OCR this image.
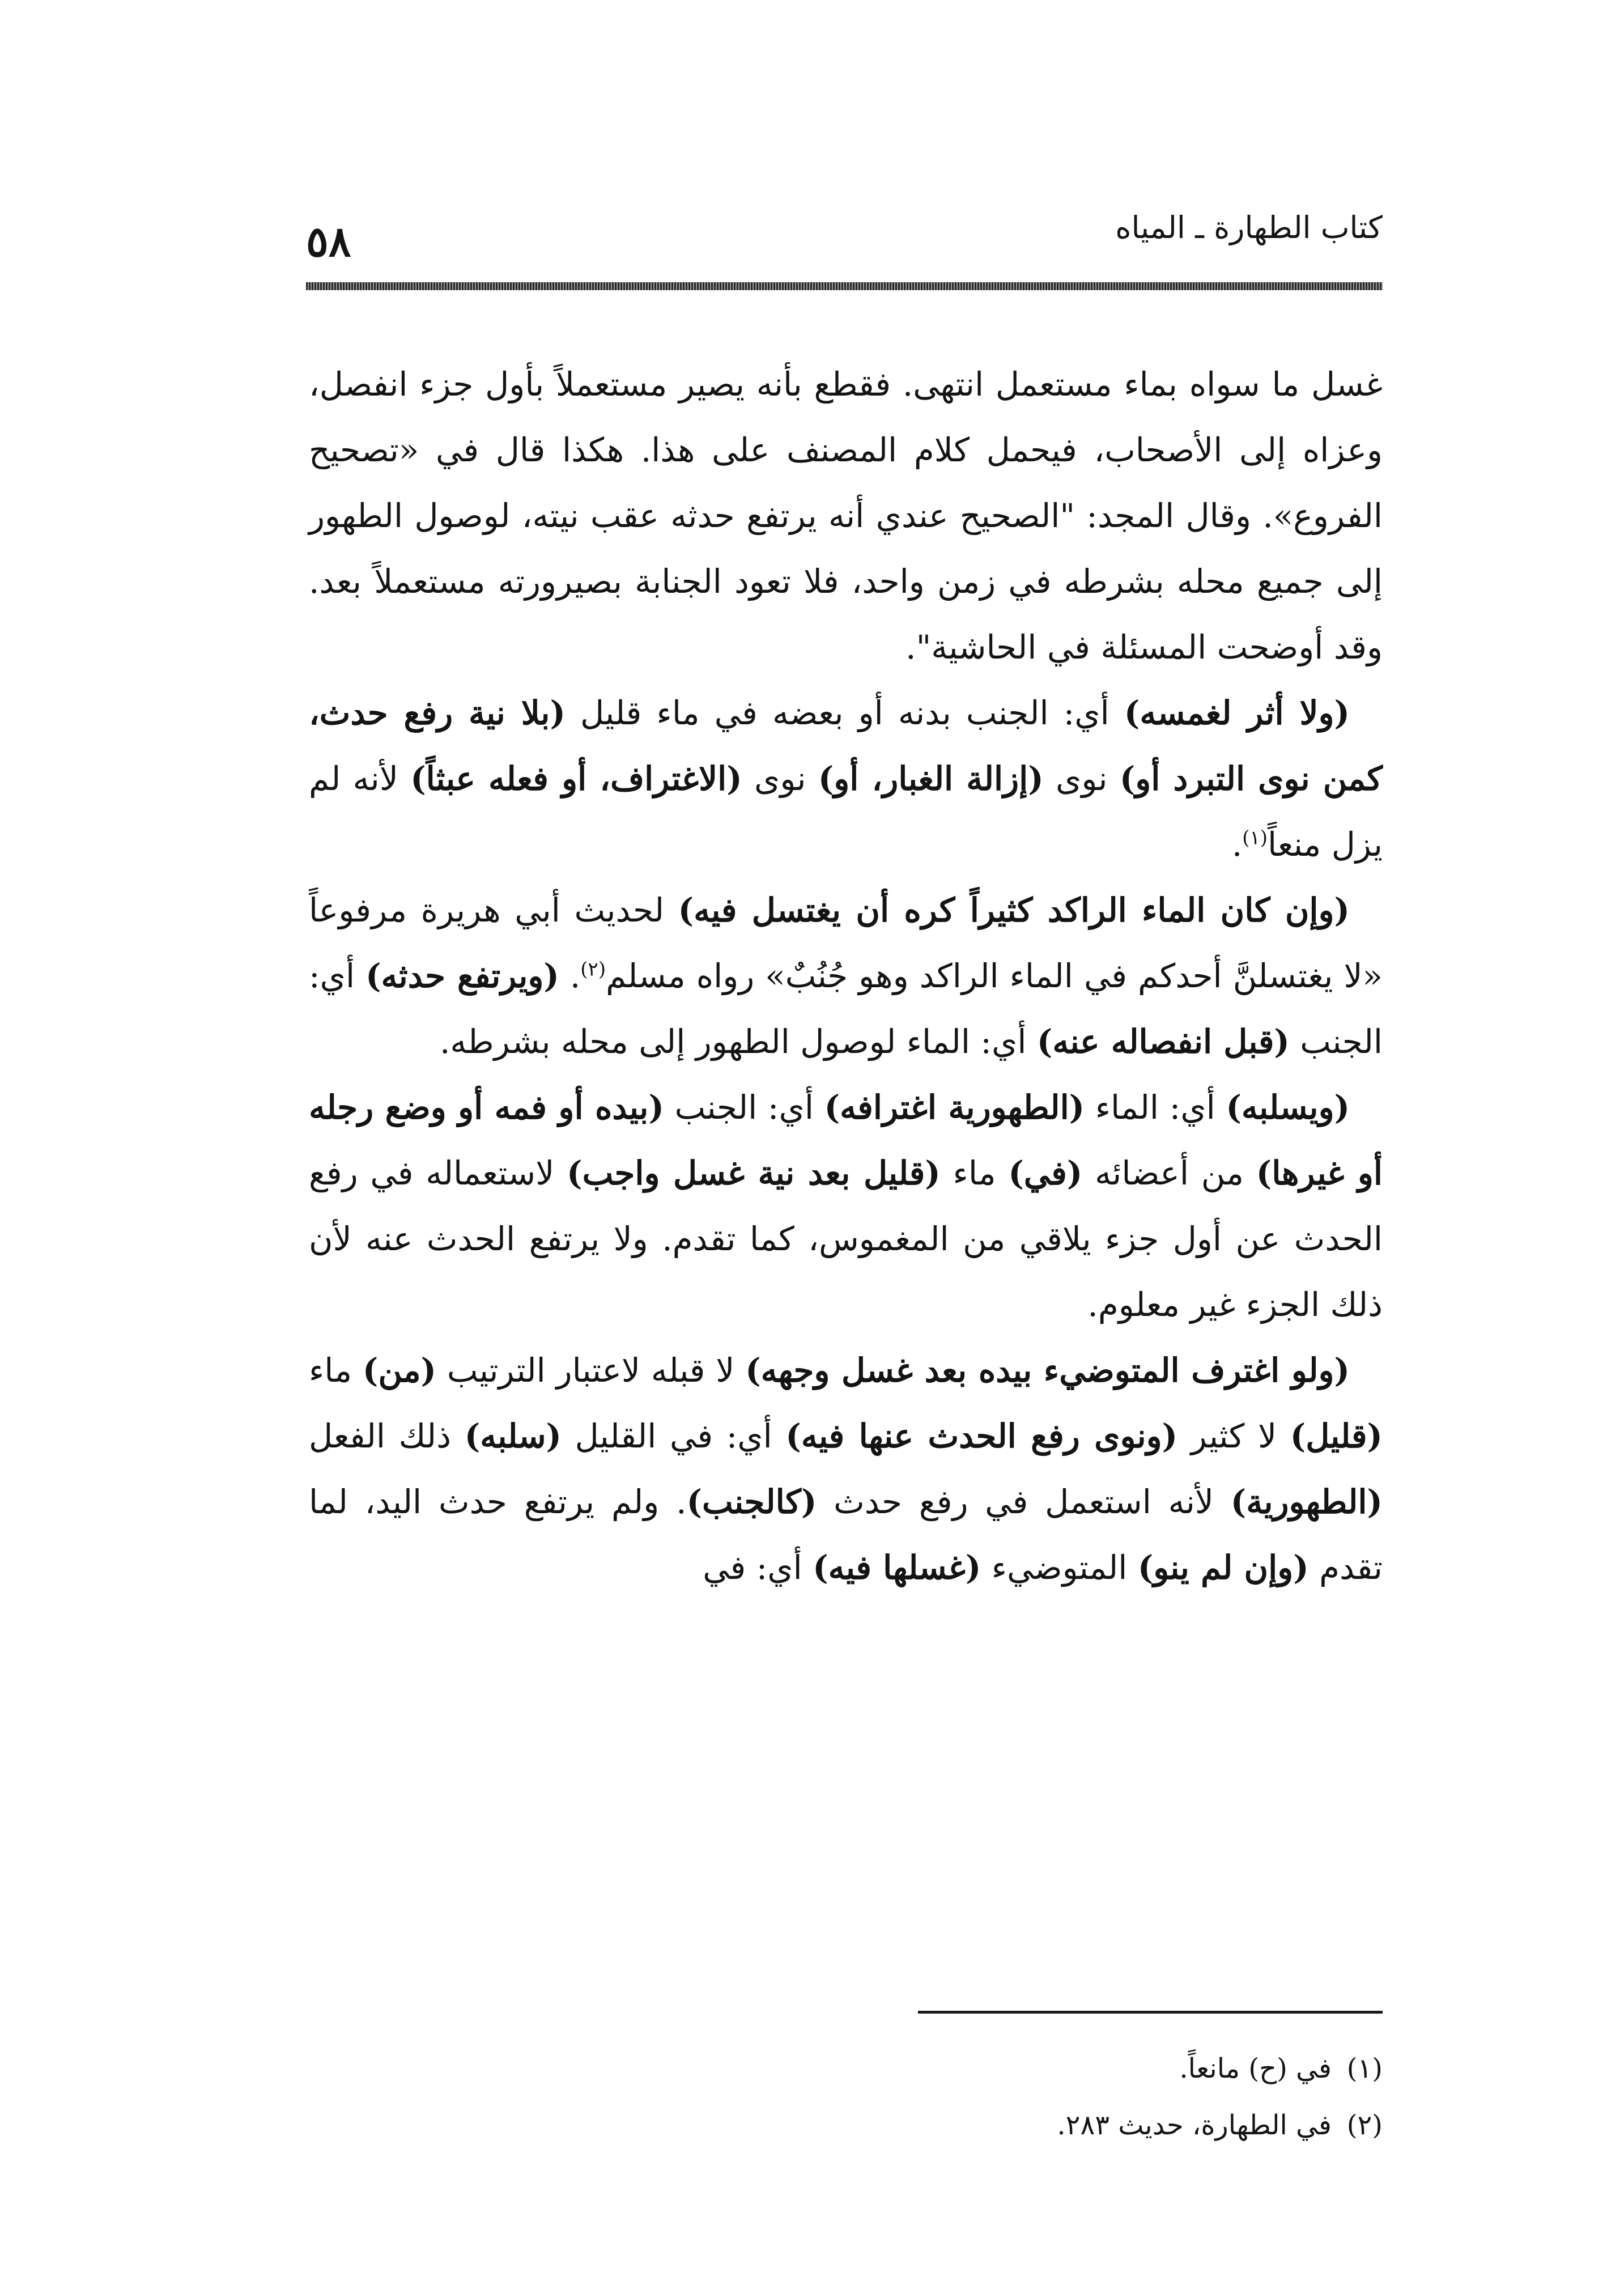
٥٨	كتاب الطهارة ـ المياه

غسل ما سواه بماء مستعمل انتهى. فقطع بأنه يصير مستعملاً بأول جزء انفصل، وعزاه إلى الأصحاب، فيحمل كلام المصنف على هذا. هكذا قال في «تصحيح الفروع». وقال المجد: "الصحيح عندي أنه يرتفع حدثه عقب نيته، لوصول الطهور إلى جميع محله بشرطه في زمن واحد، فلا تعود الجنابة بصيرورته مستعملاً بعد. وقد أوضحت المسئلة في الحاشية".

(ولا أثر لغمسه) أي: الجنب بدنه أو بعضه في ماء قليل (بلا نية رفع حدث، كمن نوى التبرد أو) نوى (إزالة الغبار، أو) نوى (الاغتراف، أو فعله عبثاً) لأنه لم يزل منعاً$^{(١)}$.

(وإن كان الماء الراكد كثيراً كره أن يغتسل فيه) لحديث أبي هريرة مرفوعاً «لا يغتسلنَّ أحدكم في الماء الراكد وهو جُنُبٌ» رواه مسلم$^{(٢)}$. (ويرتفع حدثه) أي: الجنب (قبل انفصاله عنه) أي: الماء لوصول الطهور إلى محله بشرطه.

(ويسلبه) أي: الماء (الطهورية اغترافه) أي: الجنب (بيده أو فمه أو وضع رجله أو غيرها) من أعضائه (في) ماء (قليل بعد نية غسل واجب) لاستعماله في رفع الحدث عن أول جزء يلاقي من المغموس، كما تقدم. ولا يرتفع الحدث عنه لأن ذلك الجزء غير معلوم.

(ولو اغترف المتوضيء بيده بعد غسل وجهه) لا قبله لاعتبار الترتيب (من) ماء (قليل) لا كثير (ونوى رفع الحدث عنها فيه) أي: في القليل (سلبه) ذلك الفعل (الطهورية) لأنه استعمل في رفع حدث (كالجنب). ولم يرتفع حدث اليد، لما تقدم (وإن لم ينو) المتوضيء (غسلها فيه) أي: في

(١)في (ح) مانعاً.
(٢)في الطهارة، حديث ٢٨٣.
